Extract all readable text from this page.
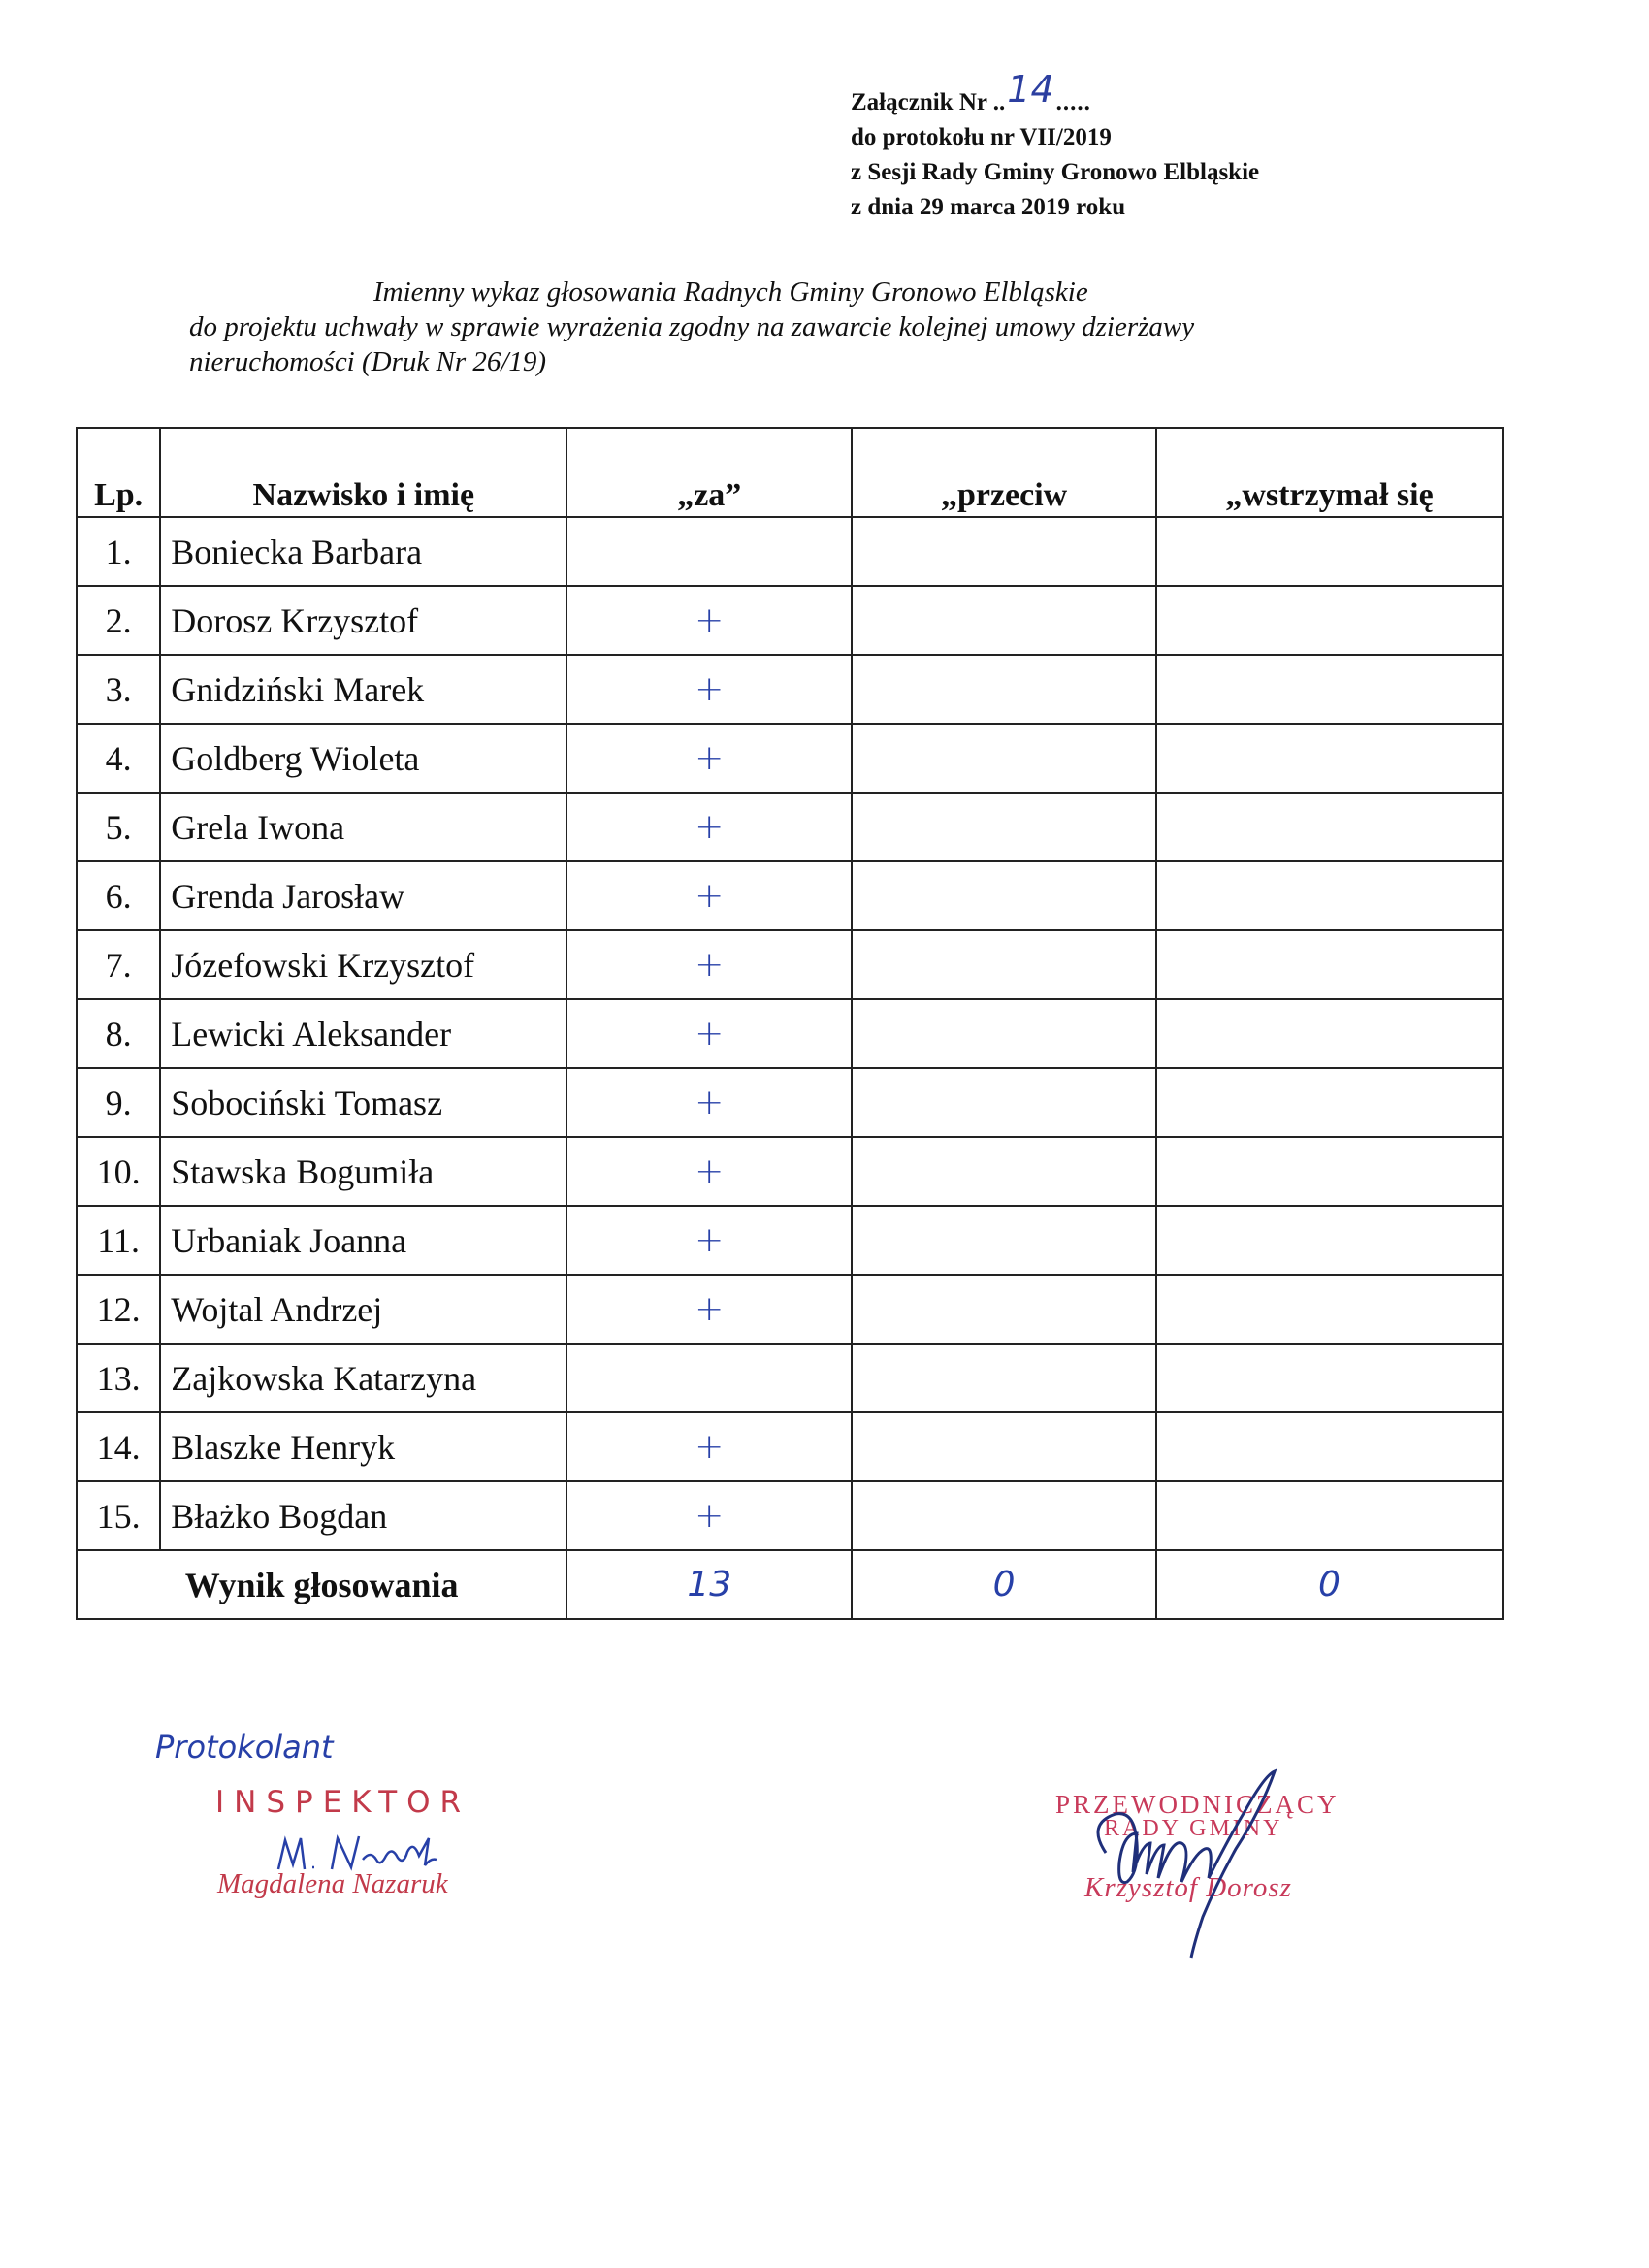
Załącznik Nr ..14.....
do protokołu nr VII/2019
z Sesji Rady Gminy Gronowo Elbląskie
z dnia 29 marca 2019 roku
Imienny wykaz głosowania Radnych Gminy Gronowo Elbląskie
do projektu uchwały w sprawie wyrażenia zgodny na zawarcie kolejnej umowy dzierżawy
nieruchomości (Druk Nr 26/19)
Lp.	Nazwisko i imię	„za”	„przeciw	„wstrzymał się
1.	Boniecka Barbara			
2.	Dorosz Krzysztof	+		
3.	Gnidziński Marek	+		
4.	Goldberg Wioleta	+		
5.	Grela Iwona	+		
6.	Grenda Jarosław	+		
7.	Józefowski Krzysztof	+		
8.	Lewicki Aleksander	+		
9.	Sobociński Tomasz	+		
10.	Stawska Bogumiła	+		
11.	Urbaniak Joanna	+		
12.	Wojtal Andrzej	+		
13.	Zajkowska Katarzyna			
14.	Blaszke Henryk	+		
15.	Błażko Bogdan	+		
Wynik głosowania		13	0	0
Protokolant
INSPEKTOR
Magdalena Nazaruk
PRZEWODNICZĄCY
RADY GMINY
Krzysztof Dorosz
